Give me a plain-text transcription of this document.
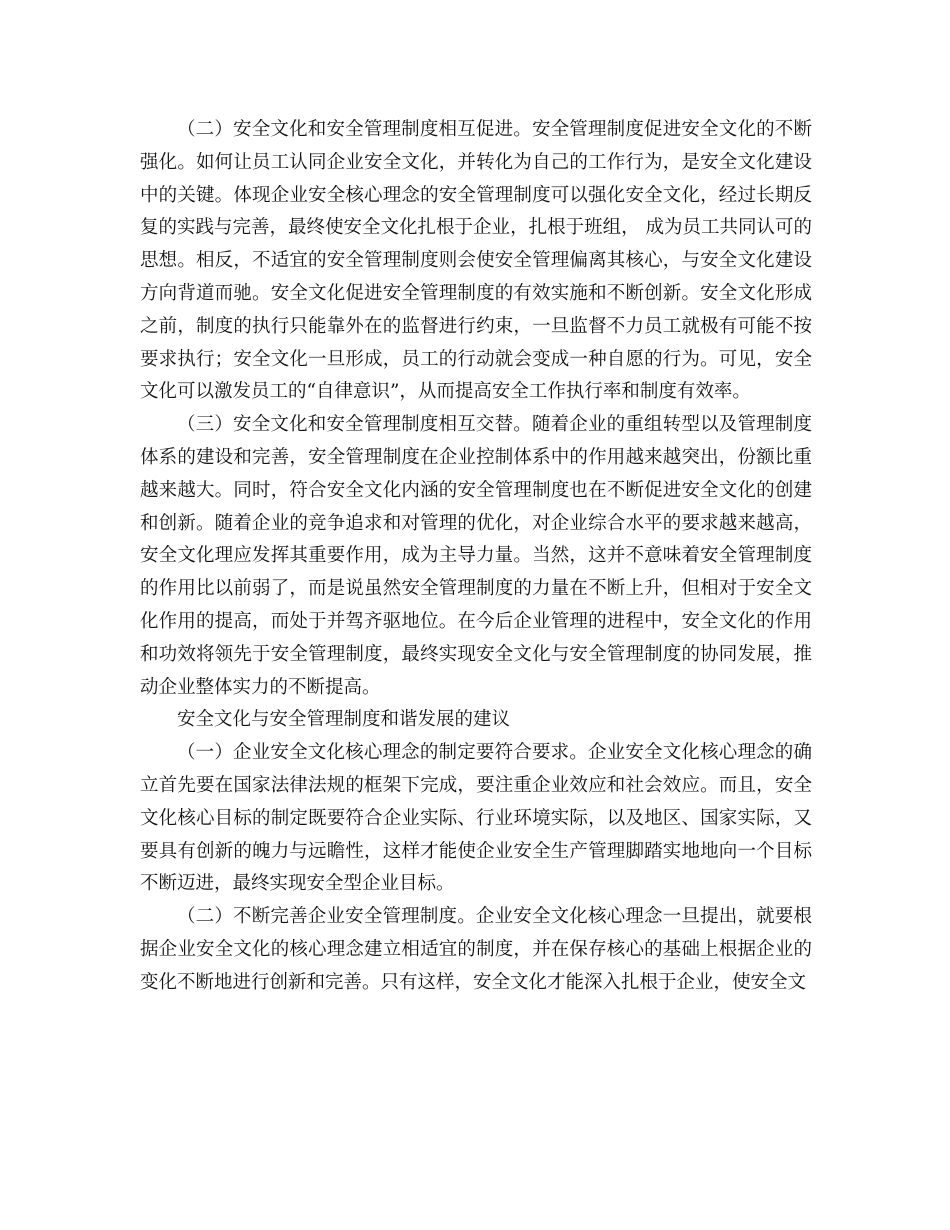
（二）安全文化和安全管理制度相互促进。安全管理制度促进安全文化的不断强化。如何让员工认同企业安全文化，并转化为自己的工作行为，是安全文化建设中的关键。体现企业安全核心理念的安全管理制度可以强化安全文化，经过长期反复的实践与完善，最终使安全文化扎根于企业，扎根于班组， 成为员工共同认可的思想。相反，不适宜的安全管理制度则会使安全管理偏离其核心，与安全文化建设方向背道而驰。安全文化促进安全管理制度的有效实施和不断创新。安全文化形成之前，制度的执行只能靠外在的监督进行约束，一旦监督不力员工就极有可能不按要求执行；安全文化一旦形成，员工的行动就会变成一种自愿的行为。可见，安全文化可以激发员工的“自律意识”，从而提高安全工作执行率和制度有效率。

（三）安全文化和安全管理制度相互交替。随着企业的重组转型以及管理制度体系的建设和完善，安全管理制度在企业控制体系中的作用越来越突出，份额比重越来越大。同时，符合安全文化内涵的安全管理制度也在不断促进安全文化的创建和创新。随着企业的竞争追求和对管理的优化，对企业综合水平的要求越来越高，安全文化理应发挥其重要作用，成为主导力量。当然，这并不意味着安全管理制度的作用比以前弱了，而是说虽然安全管理制度的力量在不断上升，但相对于安全文化作用的提高，而处于并驾齐驱地位。在今后企业管理的进程中，安全文化的作用和功效将领先于安全管理制度，最终实现安全文化与安全管理制度的协同发展，推动企业整体实力的不断提高。

安全文化与安全管理制度和谐发展的建议

（一）企业安全文化核心理念的制定要符合要求。企业安全文化核心理念的确立首先要在国家法律法规的框架下完成，要注重企业效应和社会效应。而且，安全文化核心目标的制定既要符合企业实际、行业环境实际，以及地区、国家实际，又要具有创新的魄力与远瞻性，这样才能使企业安全生产管理脚踏实地地向一个目标不断迈进，最终实现安全型企业目标。

（二）不断完善企业安全管理制度。企业安全文化核心理念一旦提出，就要根据企业安全文化的核心理念建立相适宜的制度，并在保存核心的基础上根据企业的变化不断地进行创新和完善。只有这样，安全文化才能深入扎根于企业，使安全文
